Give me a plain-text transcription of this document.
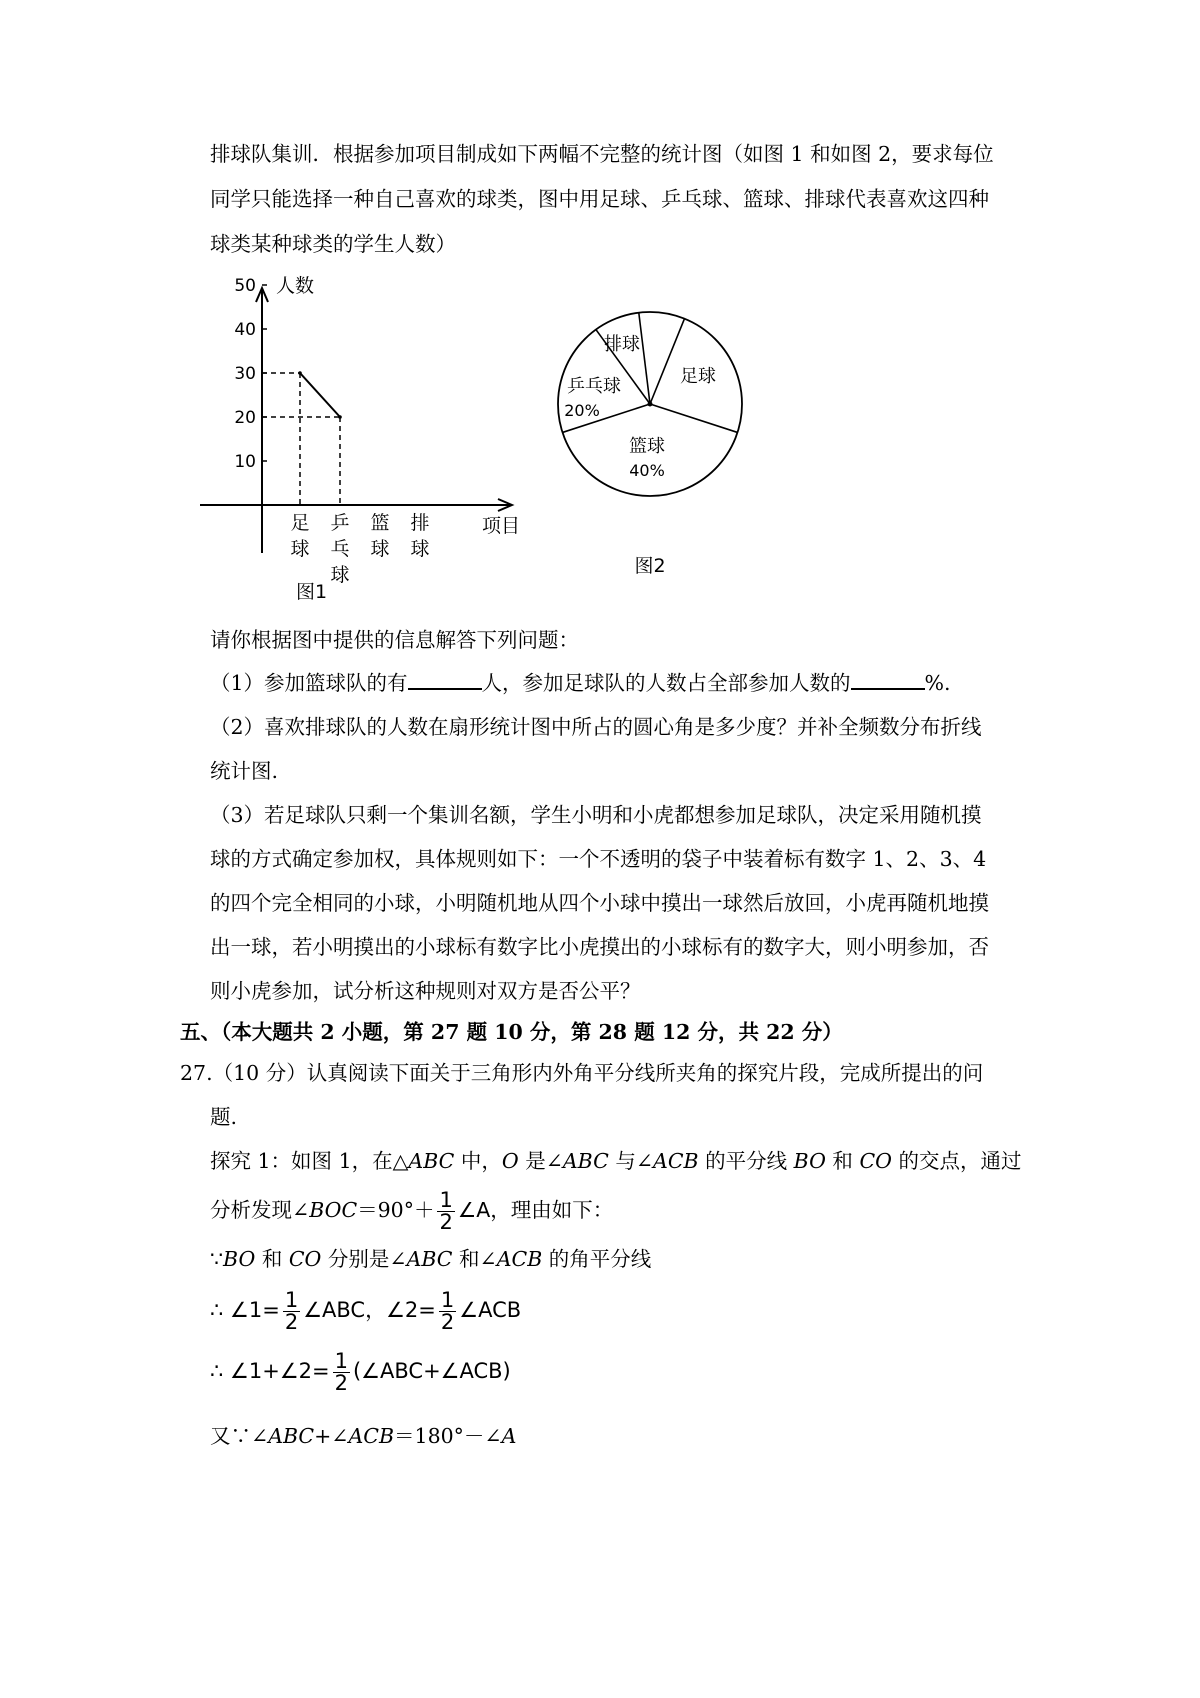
排球队集训．根据参加项目制成如下两幅不完整的统计图（如图 1 和如图 2，要求每位
同学只能选择一种自己喜欢的球类，图中用足球、乒乓球、篮球、排球代表喜欢这四种
球类某种球类的学生人数）
人数
项目
图1
10
20
30
40
50
足
球
乒
乓
球
篮
球
排
球
排球
足球
篮球
40%
乒乓球
20%
图2
请你根据图中提供的信息解答下列问题：
（1）参加篮球队的有	人，参加足球队的人数占全部参加人数的	%.
（2）喜欢排球队的人数在扇形统计图中所占的圆心角是多少度？并补全频数分布折线
统计图.
（3）若足球队只剩一个集训名额，学生小明和小虎都想参加足球队，决定采用随机摸
球的方式确定参加权，具体规则如下：一个不透明的袋子中装着标有数字 1、2、3、4
的四个完全相同的小球，小明随机地从四个小球中摸出一球然后放回，小虎再随机地摸
出一球，若小明摸出的小球标有数字比小虎摸出的小球标有的数字大，则小明参加，否
则小虎参加，试分析这种规则对双方是否公平？
五、（本大题共 2 小题，第 27 题 10 分，第 28 题 12 分，共 22 分）
27.（10 分）认真阅读下面关于三角形内外角平分线所夹角的探究片段，完成所提出的问
题.
探究 1：如图 1，在△ABC 中，O 是∠ABC 与∠ACB 的平分线 BO 和 CO 的交点，通过
分析发现∠BOC＝90°＋ $\frac{1}{2}$ ∠A，理由如下：
∵BO 和 CO 分别是∠ABC 和∠ACB 的角平分线
∴ ∠1= $\frac{1}{2}$ ∠ABC，∠2= $\frac{1}{2}$ ∠ACB
∴ ∠1+∠2= $\frac{1}{2}$ (∠ABC+∠ACB)
又∵∠ABC+∠ACB＝180°－∠A
